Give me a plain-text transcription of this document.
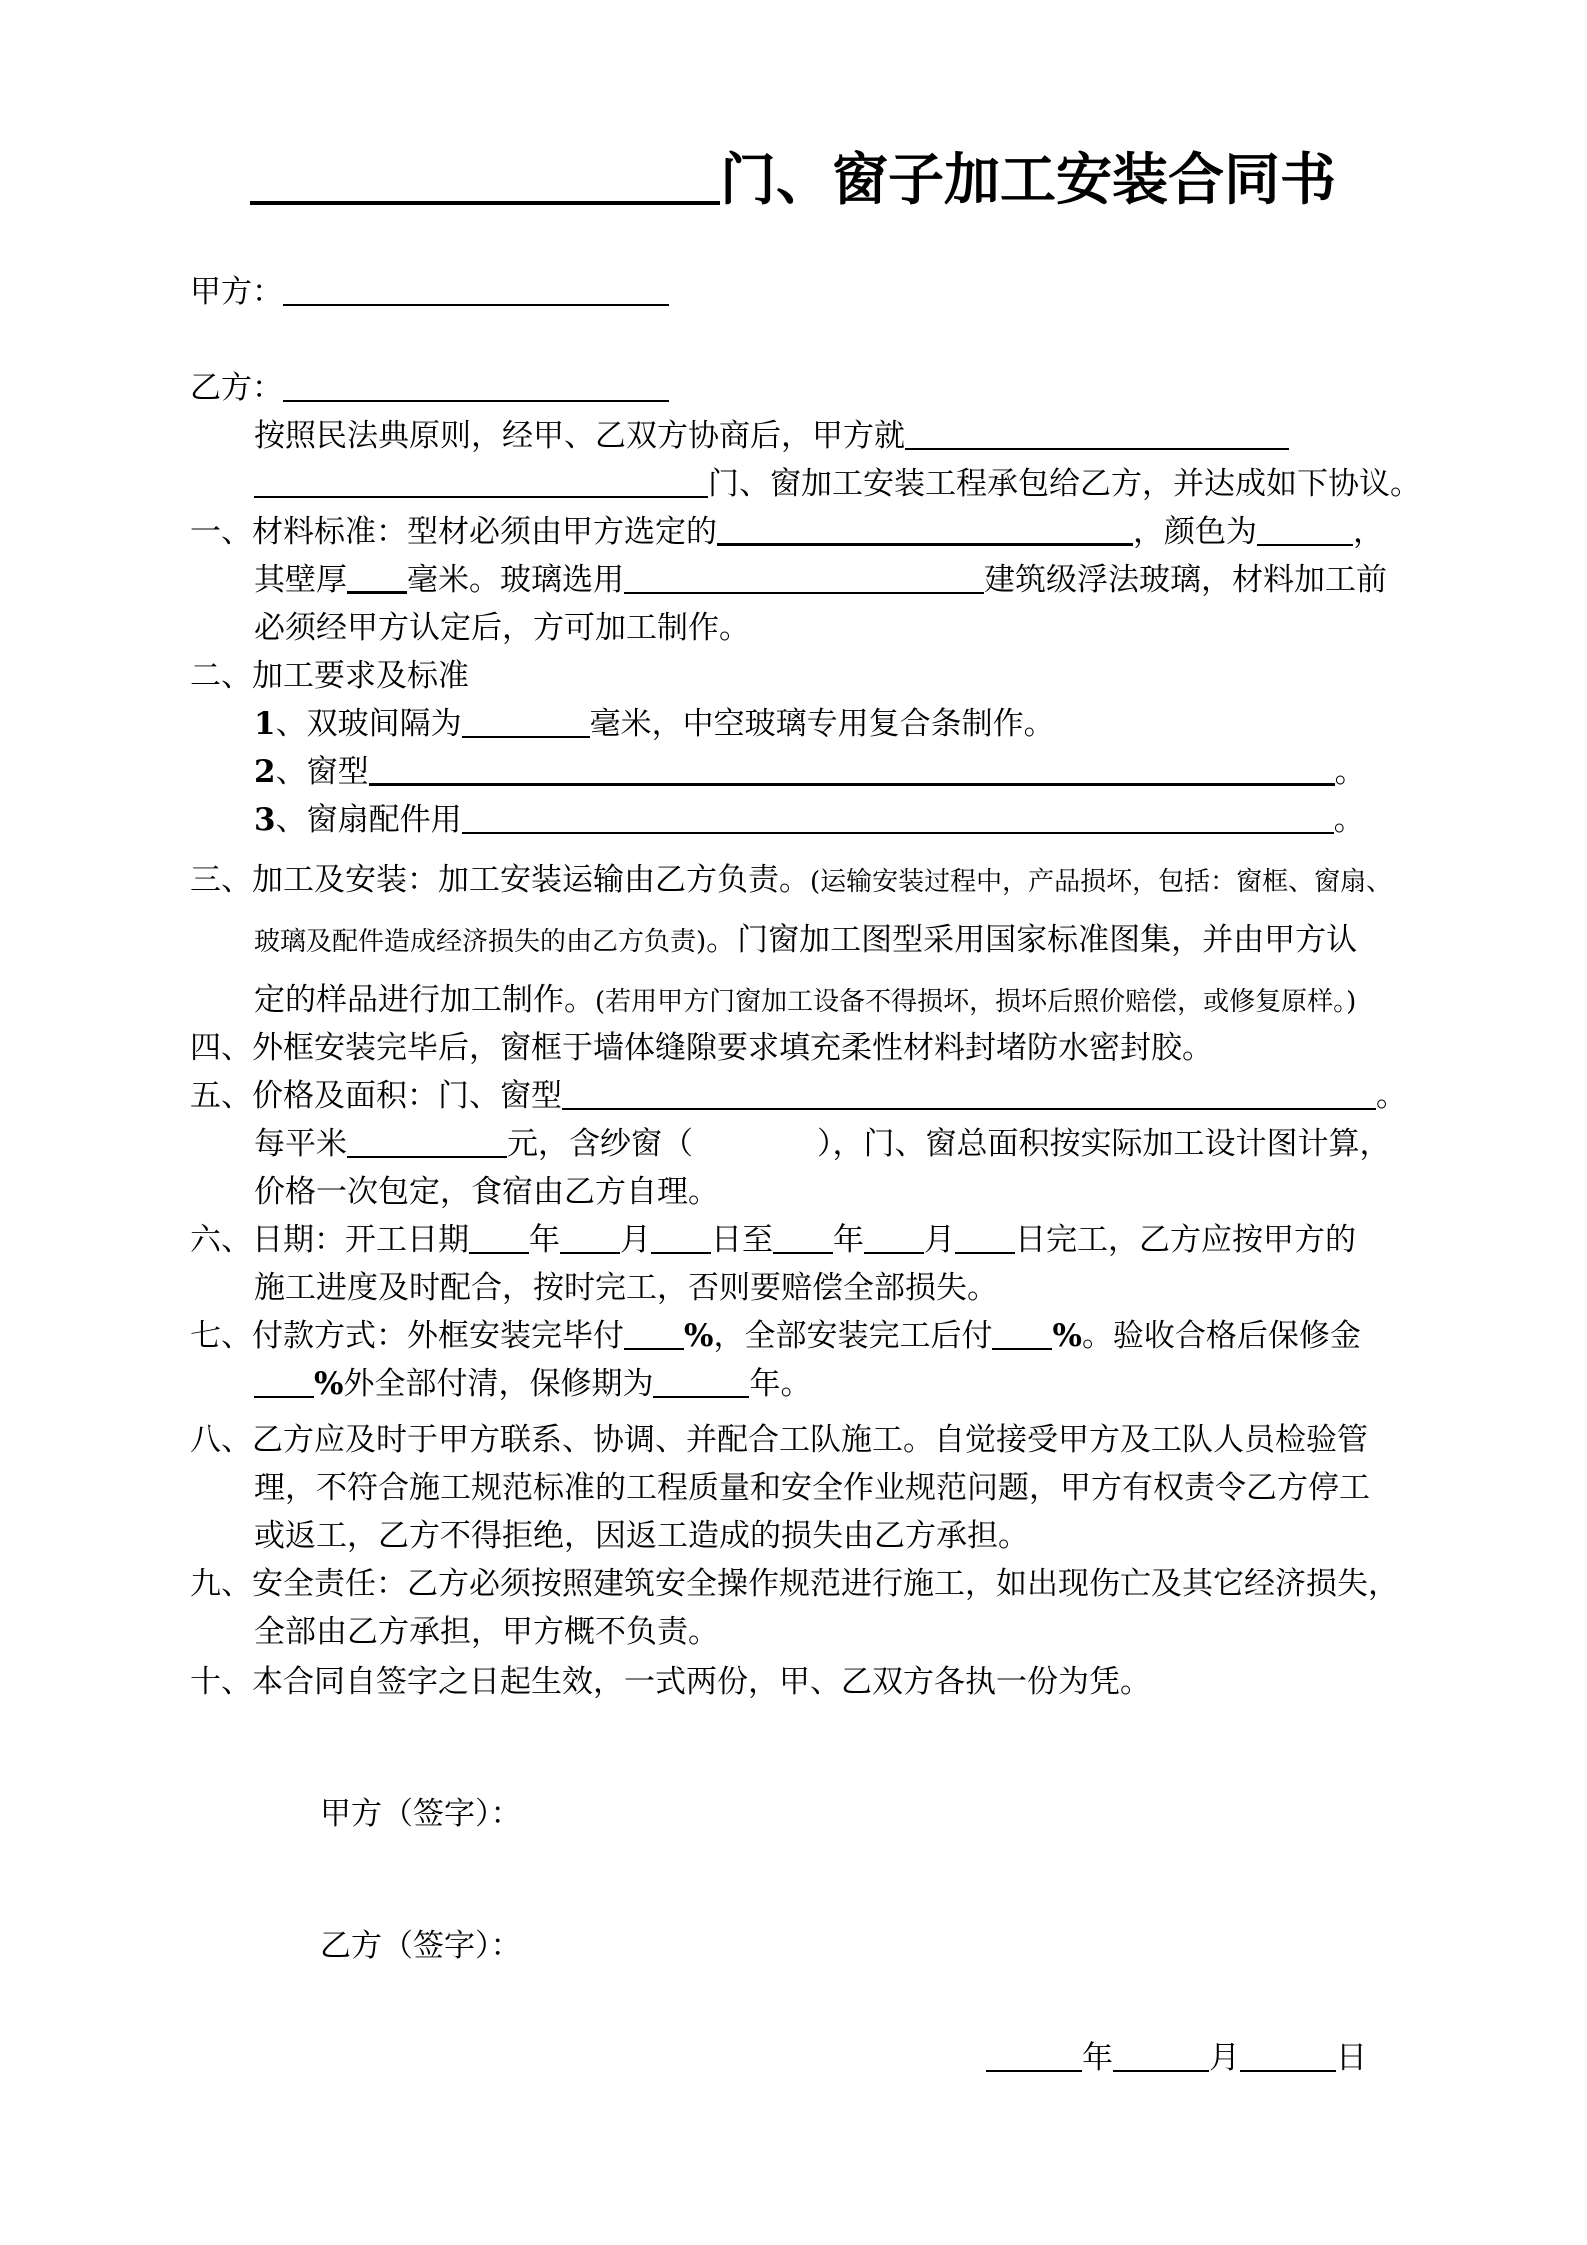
门、窗子加工安装合同书
甲方：
乙方：
按照民法典原则，经甲、乙双方协商后，甲方就
门、窗加工安装工程承包给乙方，并达成如下协议。
一、材料标准：型材必须由甲方选定的	，颜色为	，
其壁厚 毫米。玻璃选用	建筑级浮法玻璃，材料加工前
必须经甲方认定后，方可加工制作。
二、加工要求及标准
1、双玻间隔为	毫米，中空玻璃专用复合条制作。
2、窗型	。
3、窗扇配件用	。
三、加工及安装：加工安装运输由乙方负责。(运输安装过程中，产品损坏，包括：窗框、窗扇、
玻璃及配件造成经济损失的由乙方负责)。门窗加工图型采用国家标准图集，并由甲方认
定的样品进行加工制作。(若用甲方门窗加工设备不得损坏，损坏后照价赔偿，或修复原样。)
四、外框安装完毕后，窗框于墙体缝隙要求填充柔性材料封堵防水密封胶。
五、价格及面积：门、窗型	。
每平米	元，含纱窗（	），门、窗总面积按实际加工设计图计算，
价格一次包定，食宿由乙方自理。
六、日期：开工日期 年 月 日至 年 月 日完工，乙方应按甲方的
施工进度及时配合，按时完工，否则要赔偿全部损失。
七、付款方式：外框安装完毕付 %，全部安装完工后付 %。验收合格后保修金
%外全部付清，保修期为	年。
八、乙方应及时于甲方联系、协调、并配合工队施工。自觉接受甲方及工队人员检验管
理，不符合施工规范标准的工程质量和安全作业规范问题，甲方有权责令乙方停工
或返工，乙方不得拒绝，因返工造成的损失由乙方承担。
九、安全责任：乙方必须按照建筑安全操作规范进行施工，如出现伤亡及其它经济损失，
全部由乙方承担，甲方概不负责。
十、本合同自签字之日起生效，一式两份，甲、乙双方各执一份为凭。
甲方（签字）：
乙方（签字）：
年	月	日
